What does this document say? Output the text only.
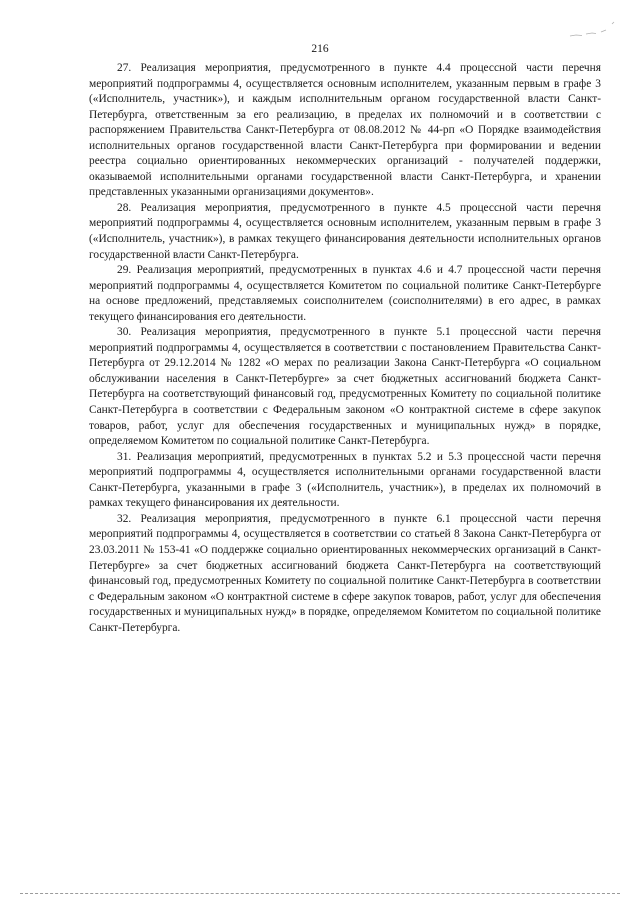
216

27. Реализация мероприятия, предусмотренного в пункте 4.4 процессной части перечня мероприятий подпрограммы 4, осуществляется основным исполнителем, указанным первым в графе 3 («Исполнитель, участник»), и каждым исполнительным органом государственной власти Санкт-Петербурга, ответственным за его реализацию, в пределах их полномочий и в соответствии с распоряжением Правительства Санкт-Петербурга от 08.08.2012 № 44-рп «О Порядке взаимодействия исполнительных органов государственной власти Санкт-Петербурга при формировании и ведении реестра социально ориентированных некоммерческих организаций - получателей поддержки, оказываемой исполнительными органами государственной власти Санкт-Петербурга, и хранении представленных указанными организациями документов».

28. Реализация мероприятия, предусмотренного в пункте 4.5 процессной части перечня мероприятий подпрограммы 4, осуществляется основным исполнителем, указанным первым в графе 3 («Исполнитель, участник»), в рамках текущего финансирования деятельности исполнительных органов государственной власти Санкт-Петербурга.

29. Реализация мероприятий, предусмотренных в пунктах 4.6 и 4.7 процессной части перечня мероприятий подпрограммы 4, осуществляется Комитетом по социальной политике Санкт-Петербурге на основе предложений, представляемых соисполнителем (соисполнителями) в его адрес, в рамках текущего финансирования его деятельности.

30. Реализация мероприятия, предусмотренного в пункте 5.1 процессной части перечня мероприятий подпрограммы 4, осуществляется в соответствии с постановлением Правительства Санкт-Петербурга от 29.12.2014 № 1282 «О мерах по реализации Закона Санкт-Петербурга «О социальном обслуживании населения в Санкт-Петербурге» за счет бюджетных ассигнований бюджета Санкт-Петербурга на соответствующий финансовый год, предусмотренных Комитету по социальной политике Санкт-Петербурга в соответствии с Федеральным законом «О контрактной системе в сфере закупок товаров, работ, услуг для обеспечения государственных и муниципальных нужд» в порядке, определяемом Комитетом по социальной политике Санкт-Петербурга.

31. Реализация мероприятий, предусмотренных в пунктах 5.2 и 5.3 процессной части перечня мероприятий подпрограммы 4, осуществляется исполнительными органами государственной власти Санкт-Петербурга, указанными в графе 3 («Исполнитель, участник»), в пределах их полномочий в рамках текущего финансирования их деятельности.

32. Реализация мероприятия, предусмотренного в пункте 6.1 процессной части перечня мероприятий подпрограммы 4, осуществляется в соответствии со статьей 8 Закона Санкт-Петербурга от 23.03.2011 № 153-41 «О поддержке социально ориентированных некоммерческих организаций в Санкт-Петербурге» за счет бюджетных ассигнований бюджета Санкт-Петербурга на соответствующий финансовый год, предусмотренных Комитету по социальной политике Санкт-Петербурга в соответствии с Федеральным законом «О контрактной системе в сфере закупок товаров, работ, услуг для обеспечения государственных и муниципальных нужд» в порядке, определяемом Комитетом по социальной политике Санкт-Петербурга.
